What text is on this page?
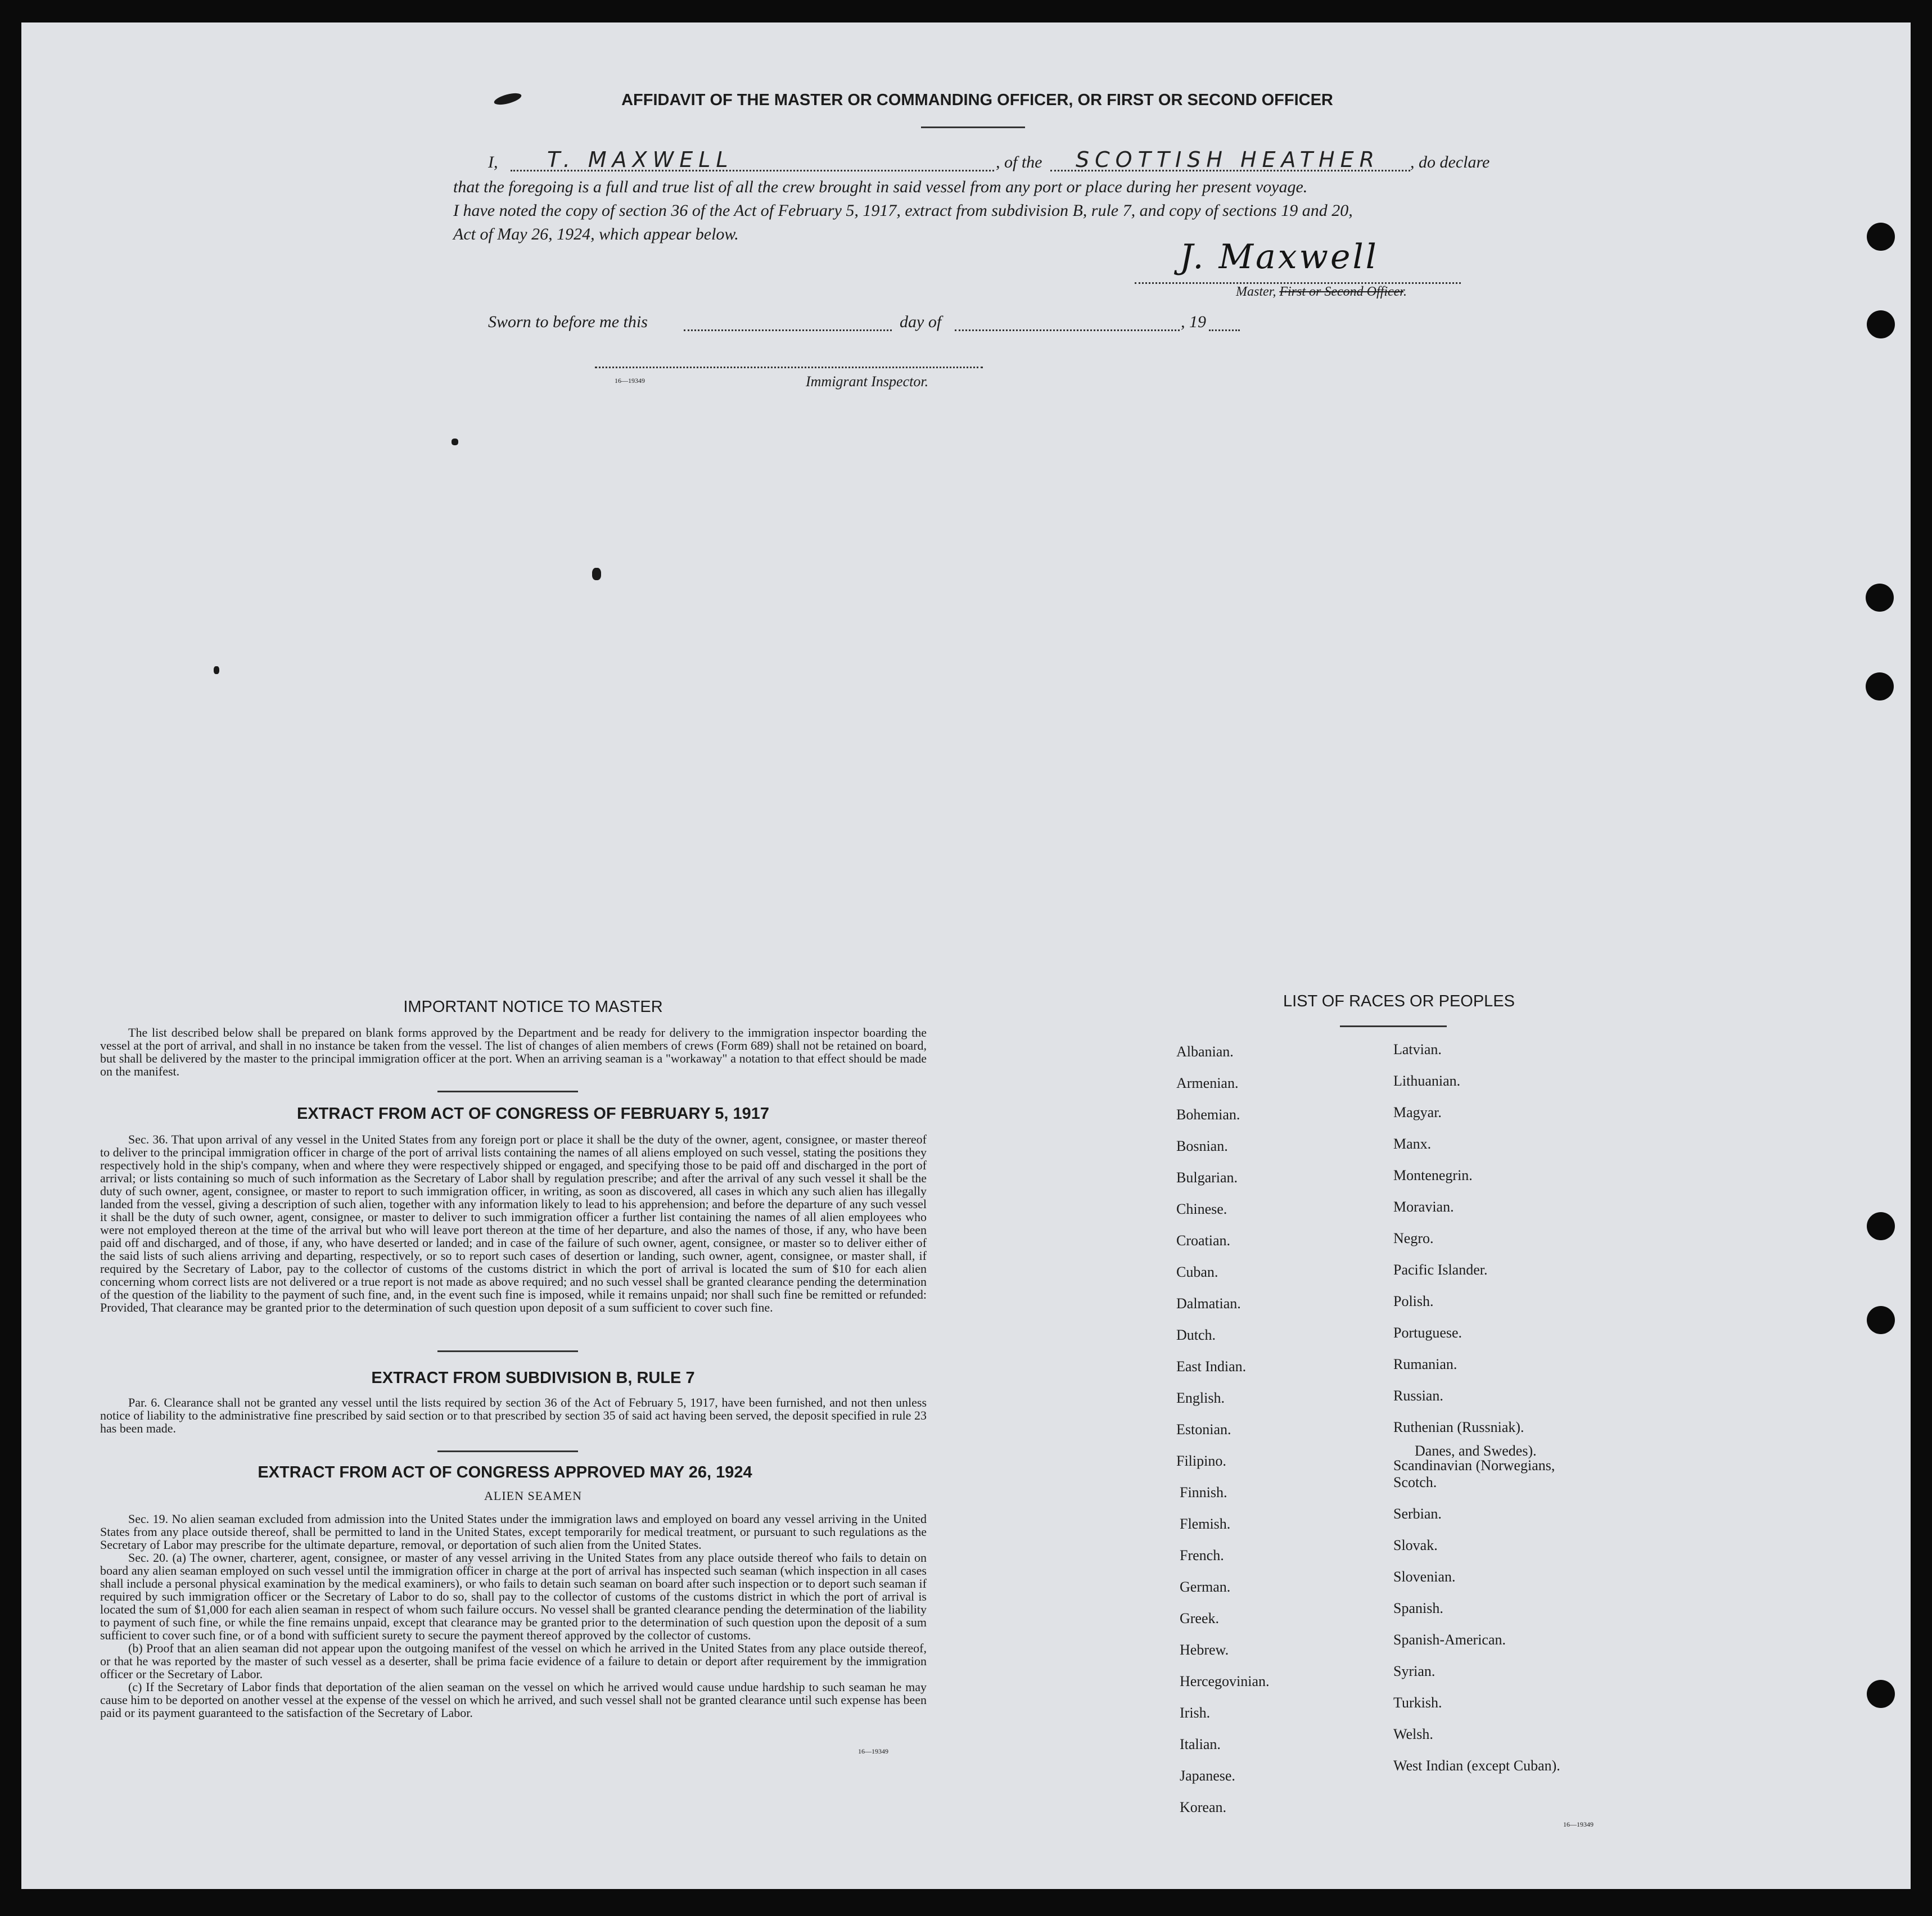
AFFIDAVIT OF THE MASTER OR COMMANDING OFFICER, OR FIRST OR SECOND OFFICER
I, T. MAXWELL	, of the SCOTTISH HEATHER , do declare
that the foregoing is a full and true list of all the crew brought in said vessel from any port or place during her present voyage.
I have noted the copy of section 36 of the Act of February 5, 1917, extract from subdivision B, rule 7, and copy of sections 19 and 20,
Act of May 26, 1924, which appear below.
J. Maxwell
Master, First or Second Officer.
Sworn to before me this	day of	, 19
16—19349	Immigrant Inspector.
IMPORTANT NOTICE TO MASTER

The list described below shall be prepared on blank forms approved by the Department and be ready for delivery to the immigration inspector boarding the vessel at the port of arrival, and shall in no instance be taken from the vessel. The list of changes of alien members of crews (Form 689) shall not be retained on board, but shall be delivered by the master to the principal immigration officer at the port. When an arriving seaman is a "workaway" a notation to that effect should be made on the manifest.

EXTRACT FROM ACT OF CONGRESS OF FEBRUARY 5, 1917

Sec. 36. That upon arrival of any vessel in the United States from any foreign port or place it shall be the duty of the owner, agent, consignee, or master thereof to deliver to the principal immigration officer in charge of the port of arrival lists containing the names of all aliens employed on such vessel, stating the positions they respectively hold in the ship's company, when and where they were respectively shipped or engaged, and specifying those to be paid off and discharged in the port of arrival; or lists containing so much of such information as the Secretary of Labor shall by regulation prescribe; and after the arrival of any such vessel it shall be the duty of such owner, agent, consignee, or master to report to such immigration officer, in writing, as soon as discovered, all cases in which any such alien has illegally landed from the vessel, giving a description of such alien, together with any information likely to lead to his apprehension; and before the departure of any such vessel it shall be the duty of such owner, agent, consignee, or master to deliver to such immigration officer a further list containing the names of all alien employees who were not employed thereon at the time of the arrival but who will leave port thereon at the time of her departure, and also the names of those, if any, who have been paid off and discharged, and of those, if any, who have deserted or landed; and in case of the failure of such owner, agent, consignee, or master so to deliver either of the said lists of such aliens arriving and departing, respectively, or so to report such cases of desertion or landing, such owner, agent, consignee, or master shall, if required by the Secretary of Labor, pay to the collector of customs of the customs district in which the port of arrival is located the sum of $10 for each alien concerning whom correct lists are not delivered or a true report is not made as above required; and no such vessel shall be granted clearance pending the determination of the question of the liability to the payment of such fine, and, in the event such fine is imposed, while it remains unpaid; nor shall such fine be remitted or refunded: Provided, That clearance may be granted prior to the determination of such question upon deposit of a sum sufficient to cover such fine.

EXTRACT FROM SUBDIVISION B, RULE 7

Par. 6. Clearance shall not be granted any vessel until the lists required by section 36 of the Act of February 5, 1917, have been furnished, and not then unless notice of liability to the administrative fine prescribed by said section or to that prescribed by section 35 of said act having been served, the deposit specified in rule 23 has been made.

EXTRACT FROM ACT OF CONGRESS APPROVED MAY 26, 1924
ALIEN SEAMEN

Sec. 19. No alien seaman excluded from admission into the United States under the immigration laws and employed on board any vessel arriving in the United States from any place outside thereof, shall be permitted to land in the United States, except temporarily for medical treatment, or pursuant to such regulations as the Secretary of Labor may prescribe for the ultimate departure, removal, or deportation of such alien from the United States.

Sec. 20. (a) The owner, charterer, agent, consignee, or master of any vessel arriving in the United States from any place outside thereof who fails to detain on board any alien seaman employed on such vessel until the immigration officer in charge at the port of arrival has inspected such seaman (which inspection in all cases shall include a personal physical examination by the medical examiners), or who fails to detain such seaman on board after such inspection or to deport such seaman if required by such immigration officer or the Secretary of Labor to do so, shall pay to the collector of customs of the customs district in which the port of arrival is located the sum of $1,000 for each alien seaman in respect of whom such failure occurs. No vessel shall be granted clearance pending the determination of the liability to payment of such fine, or while the fine remains unpaid, except that clearance may be granted prior to the determination of such question upon the deposit of a sum sufficient to cover such fine, or of a bond with sufficient surety to secure the payment thereof approved by the collector of customs.

(b) Proof that an alien seaman did not appear upon the outgoing manifest of the vessel on which he arrived in the United States from any place outside thereof, or that he was reported by the master of such vessel as a deserter, shall be prima facie evidence of a failure to detain or deport after requirement by the immigration officer or the Secretary of Labor.

(c) If the Secretary of Labor finds that deportation of the alien seaman on the vessel on which he arrived would cause undue hardship to such seaman he may cause him to be deported on another vessel at the expense of the vessel on which he arrived, and such vessel shall not be granted clearance until such expense has been paid or its payment guaranteed to the satisfaction of the Secretary of Labor.

16—19349
LIST OF RACES OR PEOPLES
16—19349
Albanian.
Armenian.
Bohemian.
Bosnian.
Bulgarian.
Chinese.
Croatian.
Cuban.
Dalmatian.
Dutch.
East Indian.
English.
Estonian.
Filipino.
Finnish.
Flemish.
French.
German.
Greek.
Hebrew.
Hercegovinian.
Irish.
Italian.
Japanese.
Korean.
Latvian.
Lithuanian.
Magyar.
Manx.
Montenegrin.
Moravian.
Negro.
Pacific Islander.
Polish.
Portuguese.
Rumanian.
Russian.
Ruthenian (Russniak).
Scandinavian (Norwegians,
Danes, and Swedes).
Scotch.
Serbian.
Slovak.
Slovenian.
Spanish.
Spanish-American.
Syrian.
Turkish.
Welsh.
West Indian (except Cuban).
